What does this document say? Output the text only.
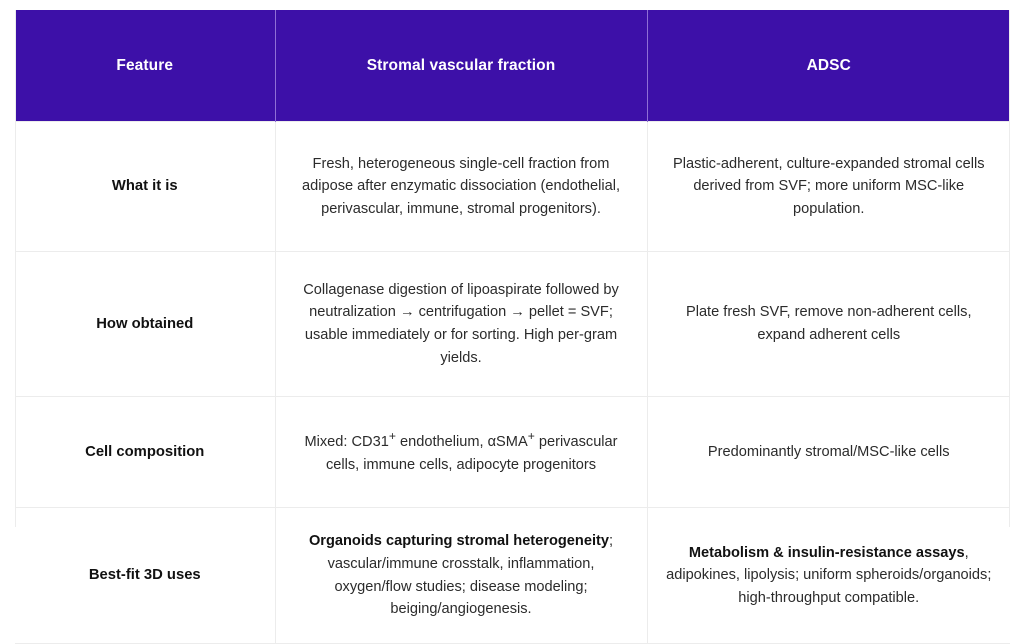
Feature	Stromal vascular fraction	ADSC
What it is	Fresh, heterogeneous single-cell fraction from adipose after enzymatic dissociation (endothelial, perivascular, immune, stromal progenitors).	Plastic-adherent, culture-expanded stromal cells derived from SVF; more uniform MSC-like population.

How obtained	Collagenase digestion of lipoaspirate followed by neutralization → centrifugation → pellet = SVF; usable immediately or for sorting. High per-gram yields.	Plate fresh SVF, remove non-adherent cells, expand adherent cells

Cell composition	Mixed: CD31+ endothelium, αSMA+ perivascular cells, immune cells, adipocyte progenitors	Predominantly stromal/MSC-like cells

Best-fit 3D uses	Organoids capturing stromal heterogeneity; vascular/immune crosstalk, inflammation, oxygen/flow studies; disease modeling; beiging/angiogenesis.	Metabolism & insulin-resistance assays, adipokines, lipolysis; uniform spheroids/organoids; high-throughput compatible.
